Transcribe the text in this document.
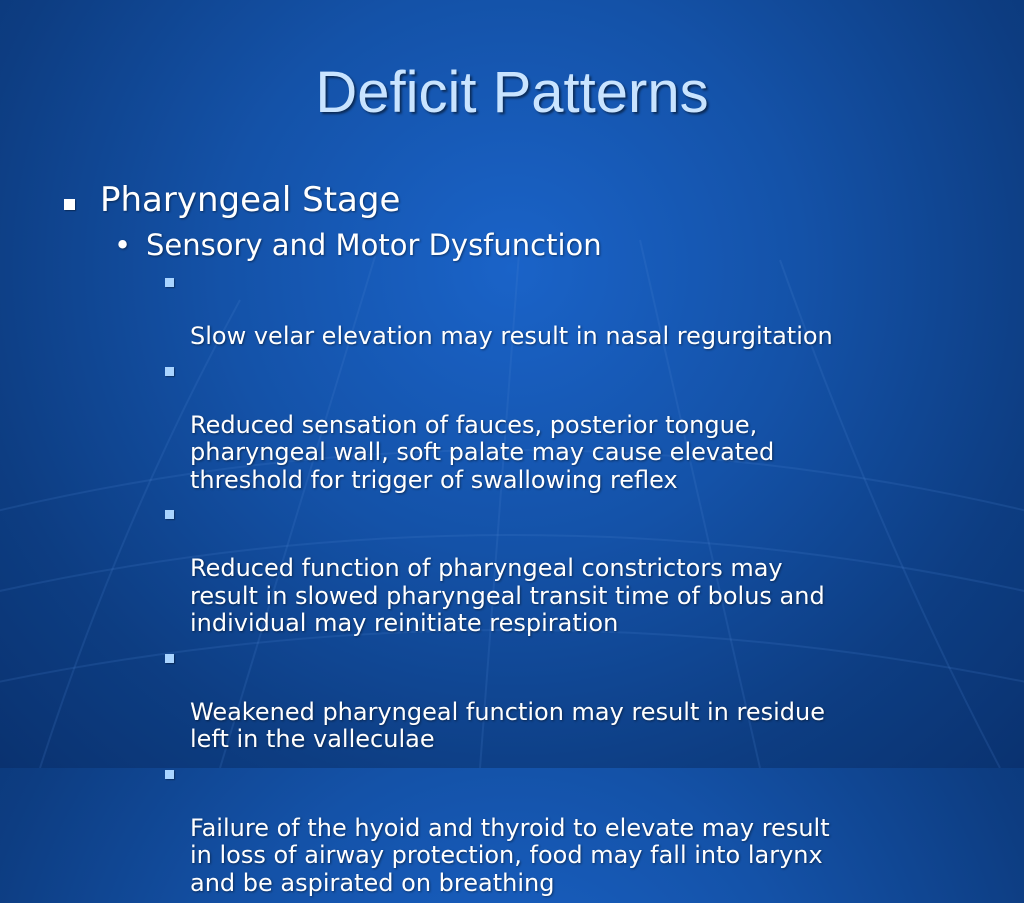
Deficit Patterns
Pharyngeal Stage
• Sensory and Motor Dysfunction

Slow velar elevation may result in nasal regurgitation

Reduced sensation of fauces, posterior tongue,
pharyngeal wall, soft palate may cause elevated
threshold for trigger of swallowing reflex

Reduced function of pharyngeal constrictors may
result in slowed pharyngeal transit time of bolus and
individual may reinitiate respiration

Weakened pharyngeal function may result in residue
left in the valleculae

Failure of the hyoid and thyroid to elevate may result
in loss of airway protection, food may fall into larynx
and be aspirated on breathing
